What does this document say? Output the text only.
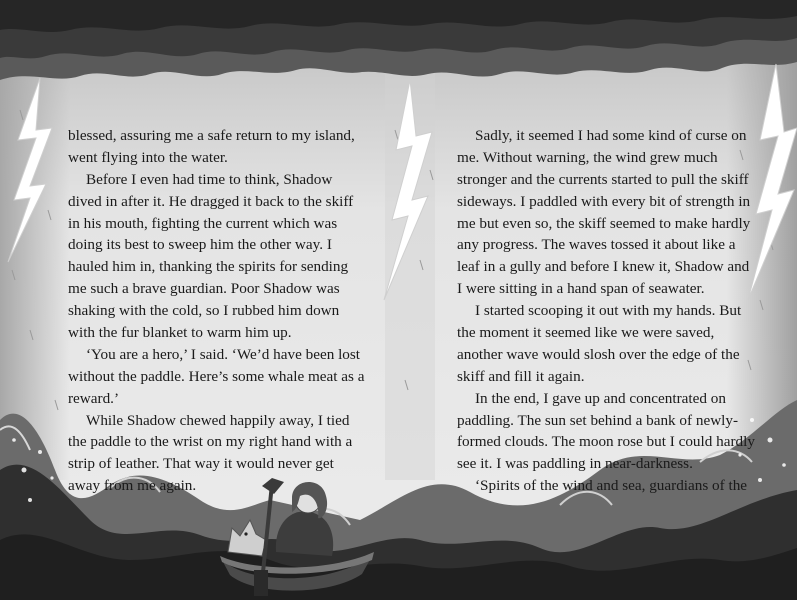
blessed, assuring me a safe return to my island,
went flying into the water.
Before I even had time to think, Shadow
dived in after it. He dragged it back to the skiff
in his mouth, fighting the current which was
doing its best to sweep him the other way. I
hauled him in, thanking the spirits for sending
me such a brave guardian. Poor Shadow was
shaking with the cold, so I rubbed him down
with the fur blanket to warm him up.
‘You are a hero,’ I said. ‘We’d have been lost
without the paddle. Here’s some whale meat as a
reward.’
While Shadow chewed happily away, I tied
the paddle to the wrist on my right hand with a
strip of leather. That way it would never get
away from me again.
Sadly, it seemed I had some kind of curse on
me. Without warning, the wind grew much
stronger and the currents started to pull the skiff
sideways. I paddled with every bit of strength in
me but even so, the skiff seemed to make hardly
any progress. The waves tossed it about like a
leaf in a gully and before I knew it, Shadow and
I were sitting in a hand span of seawater.
I started scooping it out with my hands. But
the moment it seemed like we were saved,
another wave would slosh over the edge of the
skiff and fill it again.
In the end, I gave up and concentrated on
paddling. The sun set behind a bank of newly-
formed clouds. The moon rose but I could hardly
see it. I was paddling in near-darkness.
‘Spirits of the wind and sea, guardians of the
